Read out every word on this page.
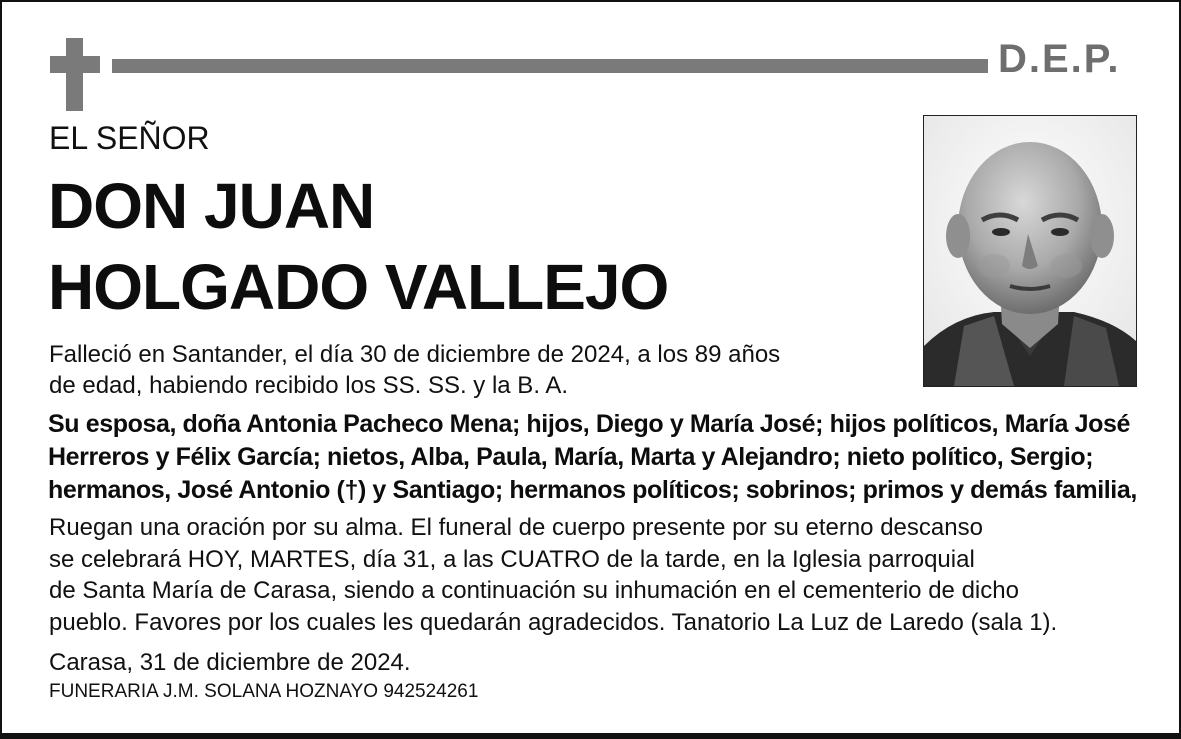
D.E.P.
EL SEÑOR
DON JUAN
HOLGADO VALLEJO
Falleció en Santander, el día 30 de diciembre de 2024, a los 89 años
de edad, habiendo recibido los SS. SS. y la B. A.
Su esposa, doña Antonia Pacheco Mena; hijos, Diego y María José; hijos políticos, María José
Herreros y Félix García; nietos, Alba, Paula, María, Marta y Alejandro; nieto político, Sergio;
hermanos, José Antonio (†) y Santiago; hermanos políticos; sobrinos; primos y demás familia,
Ruegan una oración por su alma. El funeral de cuerpo presente por su eterno descanso
se celebrará HOY, MARTES, día 31, a las CUATRO de la tarde, en la Iglesia parroquial
de Santa María de Carasa, siendo a continuación su inhumación en el cementerio de dicho
pueblo. Favores por los cuales les quedarán agradecidos. Tanatorio La Luz de Laredo (sala 1).
Carasa, 31 de diciembre de 2024.
FUNERARIA J.M. SOLANA HOZNAYO 942524261
